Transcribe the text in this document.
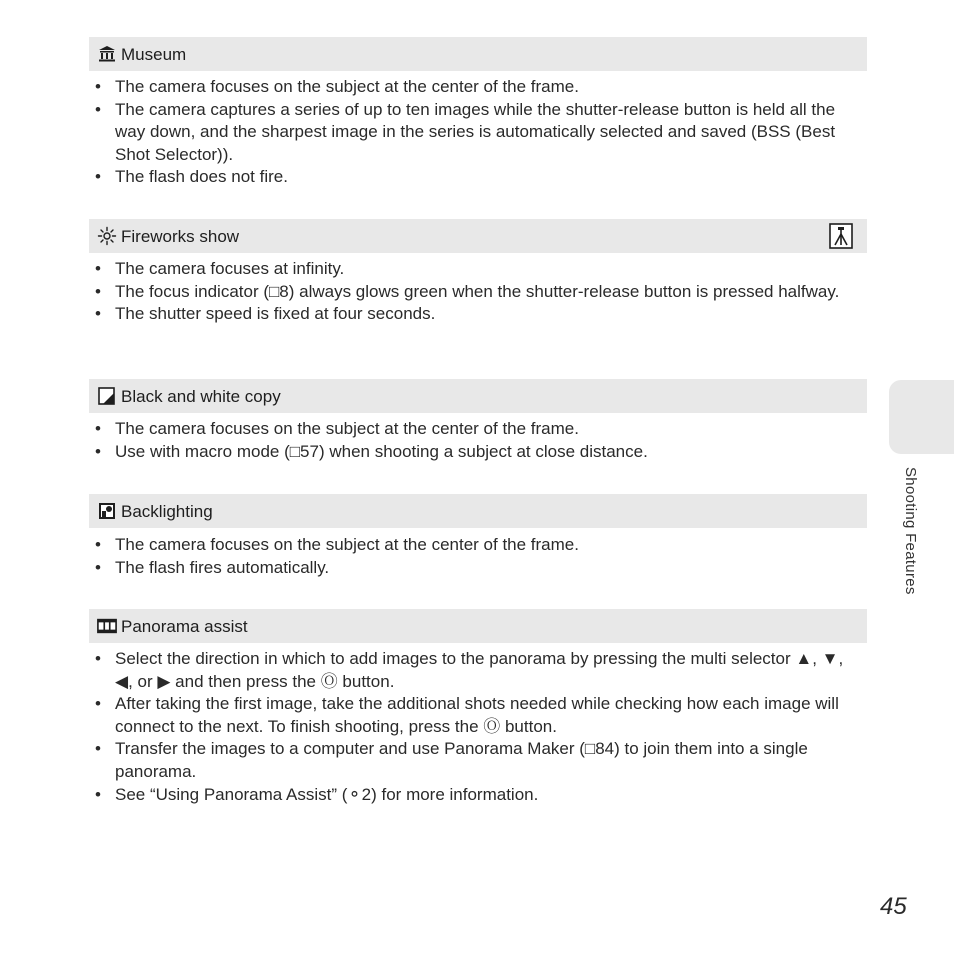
Museum
• The camera focuses on the subject at the center of the frame.
• The camera captures a series of up to ten images while the shutter-release button is held all the way down, and the sharpest image in the series is automatically selected and saved (BSS (Best Shot Selector)).
• The flash does not fire.
Fireworks show
• The camera focuses at infinity.
• The focus indicator (□8) always glows green when the shutter-release button is pressed halfway.
• The shutter speed is fixed at four seconds.
Black and white copy
• The camera focuses on the subject at the center of the frame.
• Use with macro mode (□57) when shooting a subject at close distance.
Backlighting
• The camera focuses on the subject at the center of the frame.
• The flash fires automatically.
Panorama assist
• Select the direction in which to add images to the panorama by pressing the multi selector ▲, ▼, ◀, or ▶ and then press the Ⓞ button.
• After taking the first image, take the additional shots needed while checking how each image will connect to the next. To finish shooting, press the Ⓞ button.
• Transfer the images to a computer and use Panorama Maker (□84) to join them into a single panorama.
• See “Using Panorama Assist” (⚬2) for more information.
Shooting Features
45
